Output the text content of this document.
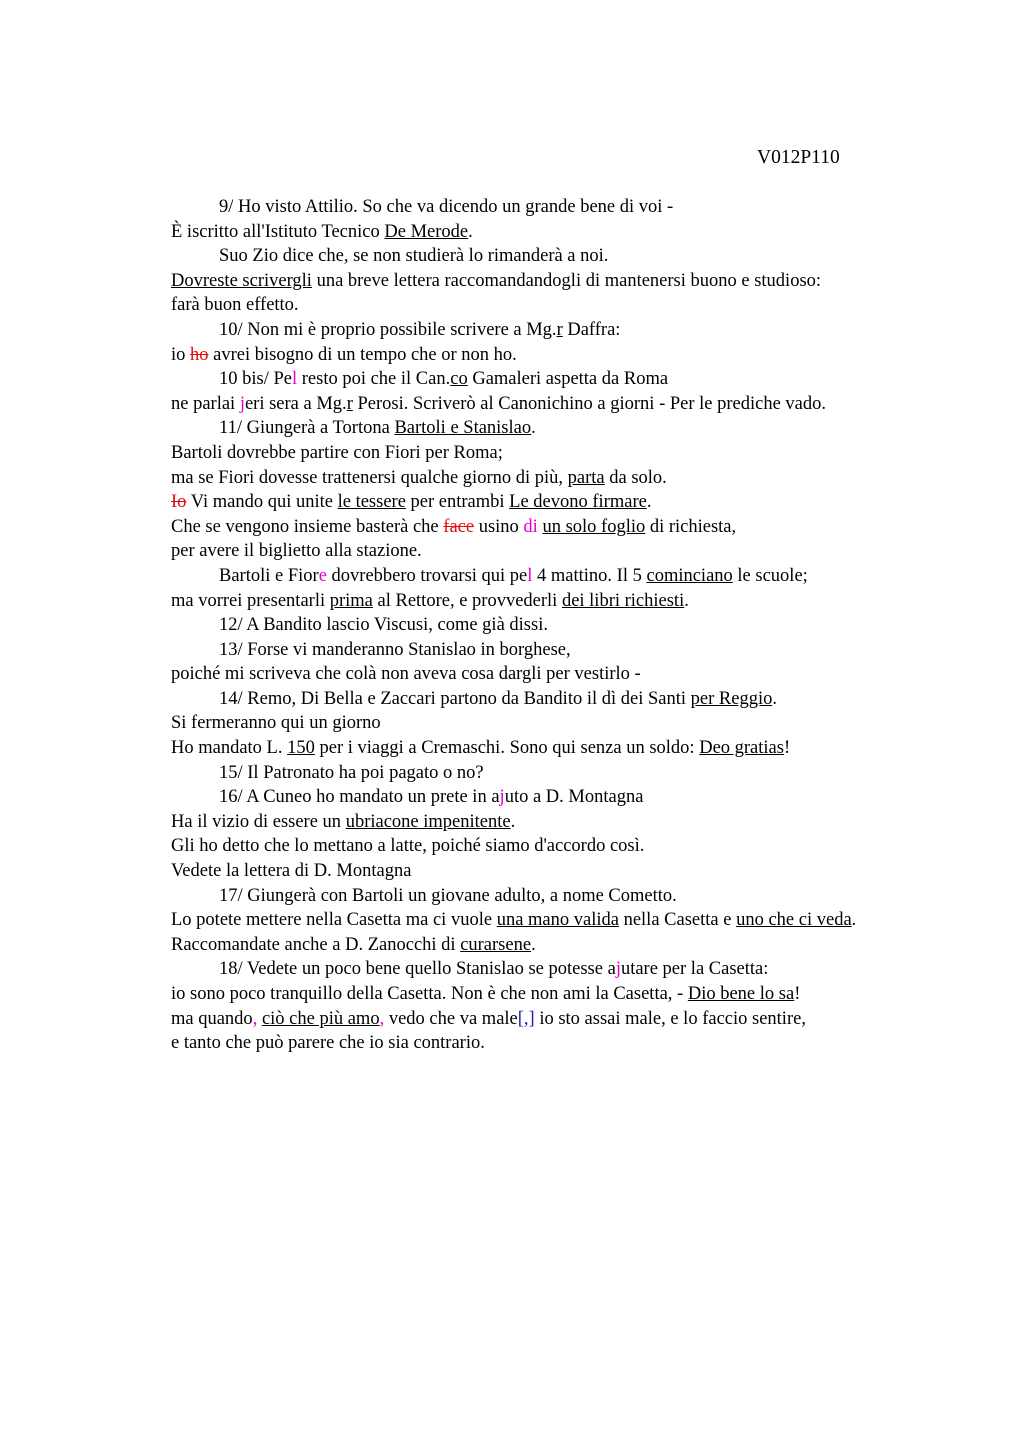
V012P110
9/ Ho visto Attilio. So che va dicendo un grande bene di voi -
È iscritto all'Istituto Tecnico De Merode.
Suo Zio dice che, se non studierà lo rimanderà a noi.
Dovreste scrivergli una breve lettera raccomandandogli di mantenersi buono e studioso:
farà buon effetto.
10/ Non mi è proprio possibile scrivere a Mg.r Daffra:
io ho avrei bisogno di un tempo che or non ho.
10 bis/ Pel resto poi che il Can.co Gamaleri aspetta da Roma
ne parlai jeri sera a Mg.r Perosi. Scriverò al Canonichino a giorni - Per le prediche vado.
11/ Giungerà a Tortona Bartoli e Stanislao.
Bartoli dovrebbe partire con Fiori per Roma;
ma se Fiori dovesse trattenersi qualche giorno di più, parta da solo.
Io Vi mando qui unite le tessere per entrambi Le devono firmare.
Che se vengono insieme basterà che face usino di un solo foglio di richiesta,
per avere il biglietto alla stazione.
Bartoli e Fiore dovrebbero trovarsi qui pel 4 mattino. Il 5 cominciano le scuole;
ma vorrei presentarli prima al Rettore, e provvederli dei libri richiesti.
12/ A Bandito lascio Viscusi, come già dissi.
13/ Forse vi manderanno Stanislao in borghese,
poiché mi scriveva che colà non aveva cosa dargli per vestirlo -
14/ Remo, Di Bella e Zaccari partono da Bandito il dì dei Santi per Reggio.
Si fermeranno qui un giorno
Ho mandato L. 150 per i viaggi a Cremaschi. Sono qui senza un soldo: Deo gratias!
15/ Il Patronato ha poi pagato o no?
16/ A Cuneo ho mandato un prete in ajuto a D. Montagna
Ha il vizio di essere un ubriacone impenitente.
Gli ho detto che lo mettano a latte, poiché siamo d'accordo così.
Vedete la lettera di D. Montagna
17/ Giungerà con Bartoli un giovane adulto, a nome Cometto.
Lo potete mettere nella Casetta ma ci vuole una mano valida nella Casetta e uno che ci veda.
Raccomandate anche a D. Zanocchi di curarsene.
18/ Vedete un poco bene quello Stanislao se potesse ajutare per la Casetta:
io sono poco tranquillo della Casetta. Non è che non ami la Casetta, - Dio bene lo sa!
ma quando, ciò che più amo, vedo che va male[,] io sto assai male, e lo faccio sentire,
e tanto che può parere che io sia contrario.
